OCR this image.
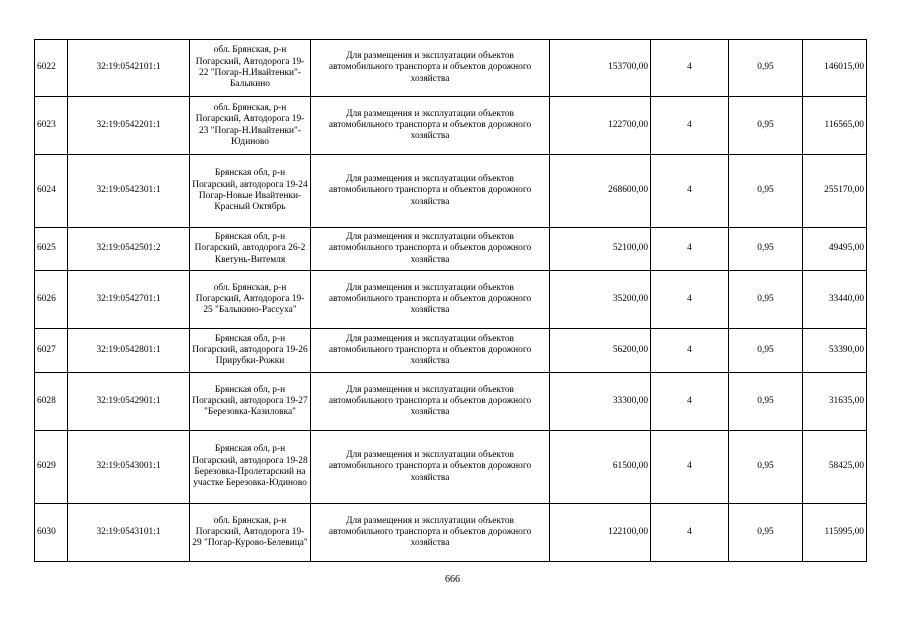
6022	32:19:0542101:1	обл. Брянская, р-н Погарский, Автодорога 19-22 "Погар-Н.Ивайтенки"-Балыкино	Для размещения и эксплуатации объектов автомобильного транспорта и объектов дорожного хозяйства	153700,00	4	0,95	146015,00
6023	32:19:0542201:1	обл. Брянская, р-н Погарский, Автодорога 19-23 "Погар-Н.Ивайтенки"-Юдиново	Для размещения и эксплуатации объектов автомобильного транспорта и объектов дорожного хозяйства	122700,00	4	0,95	116565,00
6024	32:19:0542301:1	Брянская обл, р-н Погарский, автодорога 19-24 Погар-Новые Ивайтенки-Красный Октябрь	Для размещения и эксплуатации объектов автомобильного транспорта и объектов дорожного хозяйства	268600,00	4	0,95	255170,00
6025	32:19:0542501:2	Брянская обл, р-н Погарский, автодорога 26-2 Кветунь-Витемля	Для размещения и эксплуатации объектов автомобильного транспорта и объектов дорожного хозяйства	52100,00	4	0,95	49495,00
6026	32:19:0542701:1	обл. Брянская, р-н Погарский, Автодорога 19-25 "Балыкино-Рассуха"	Для размещения и эксплуатации объектов автомобильного транспорта и объектов дорожного хозяйства	35200,00	4	0,95	33440,00
6027	32:19:0542801:1	Брянская обл, р-н Погарский, автодорога 19-26 Прирубки-Рожки	Для размещения и эксплуатации объектов автомобильного транспорта и объектов дорожного хозяйства	56200,00	4	0,95	53390,00
6028	32:19:0542901:1	Брянская обл, р-н Погарский, автодорога 19-27 "Березовка-Казиловка"	Для размещения и эксплуатации объектов автомобильного транспорта и объектов дорожного хозяйства	33300,00	4	0,95	31635,00
6029	32:19:0543001:1	Брянская обл, р-н Погарский, автодорога 19-28 Березовка-Пролетарский на участке Березовка-Юдиново	Для размещения и эксплуатации объектов автомобильного транспорта и объектов дорожного хозяйства	61500,00	4	0,95	58425,00
6030	32:19:0543101:1	обл. Брянская, р-н Погарский, Автодорога 19-29 "Погар-Курово-Белевица"	Для размещения и эксплуатации объектов автомобильного транспорта и объектов дорожного хозяйства	122100,00	4	0,95	115995,00
666
